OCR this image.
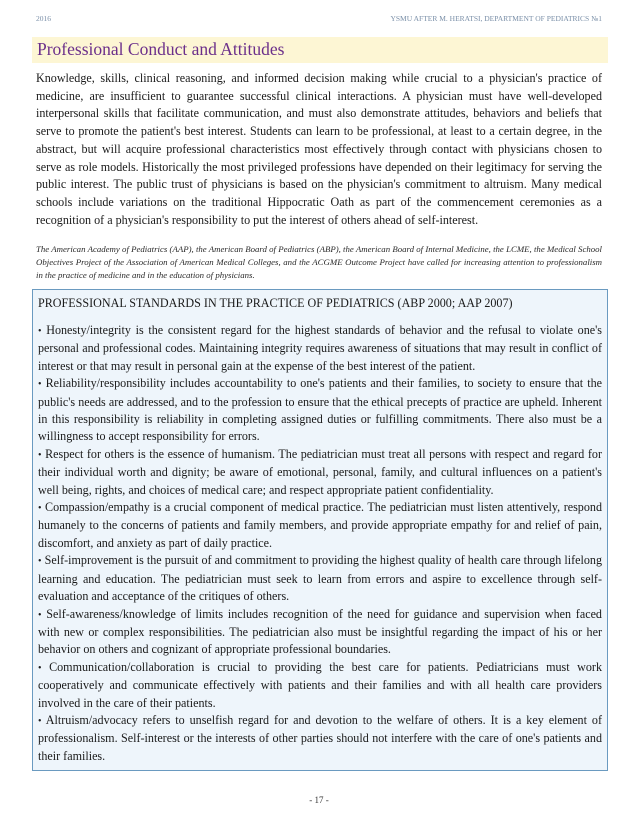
2016	YSMU AFTER M. HERATSI, DEPARTMENT OF PEDIATRICS №1
Professional Conduct and Attitudes

Knowledge, skills, clinical reasoning, and informed decision making while crucial to a physician's practice of medicine, are insufficient to guarantee successful clinical interactions. A physician must have well-developed interpersonal skills that facilitate communication, and must also demonstrate attitudes, behaviors and beliefs that serve to promote the patient's best interest. Students can learn to be professional, at least to a certain degree, in the abstract, but will acquire professional characteristics most effectively through contact with physicians chosen to serve as role models. Historically the most privileged professions have depended on their legitimacy for serving the public interest. The public trust of physicians is based on the physician's commitment to altruism. Many medical schools include variations on the traditional Hippocratic Oath as part of the commencement ceremonies as a recognition of a physician's responsibility to put the interest of others ahead of self-interest.

The American Academy of Pediatrics (AAP), the American Board of Pediatrics (ABP), the American Board of Internal Medicine, the LCME, the Medical School Objectives Project of the Association of American Medical Colleges, and the ACGME Outcome Project have called for increasing attention to professionalism in the practice of medicine and in the education of physicians.

PROFESSIONAL STANDARDS IN THE PRACTICE OF PEDIATRICS (ABP 2000; AAP 2007)
• Honesty/integrity is the consistent regard for the highest standards of behavior and the refusal to violate one's personal and professional codes. Maintaining integrity requires awareness of situations that may result in conflict of interest or that may result in personal gain at the expense of the best interest of the patient.
• Reliability/responsibility includes accountability to one's patients and their families, to society to ensure that the public's needs are addressed, and to the profession to ensure that the ethical precepts of practice are upheld. Inherent in this responsibility is reliability in completing assigned duties or fulfilling commitments. There also must be a willingness to accept responsibility for errors.
• Respect for others is the essence of humanism. The pediatrician must treat all persons with respect and regard for their individual worth and dignity; be aware of emotional, personal, family, and cultural influences on a patient's well being, rights, and choices of medical care; and respect appropriate patient confidentiality.
• Compassion/empathy is a crucial component of medical practice. The pediatrician must listen attentively, respond humanely to the concerns of patients and family members, and provide appropriate empathy for and relief of pain, discomfort, and anxiety as part of daily practice.
• Self-improvement is the pursuit of and commitment to providing the highest quality of health care through lifelong learning and education. The pediatrician must seek to learn from errors and aspire to excellence through self-evaluation and acceptance of the critiques of others.
• Self-awareness/knowledge of limits includes recognition of the need for guidance and supervision when faced with new or complex responsibilities. The pediatrician also must be insightful regarding the impact of his or her behavior on others and cognizant of appropriate professional boundaries.
• Communication/collaboration is crucial to providing the best care for patients. Pediatricians must work cooperatively and communicate effectively with patients and their families and with all health care providers involved in the care of their patients.
• Altruism/advocacy refers to unselfish regard for and devotion to the welfare of others. It is a key element of professionalism. Self-interest or the interests of other parties should not interfere with the care of one's patients and their families.
- 17 -
